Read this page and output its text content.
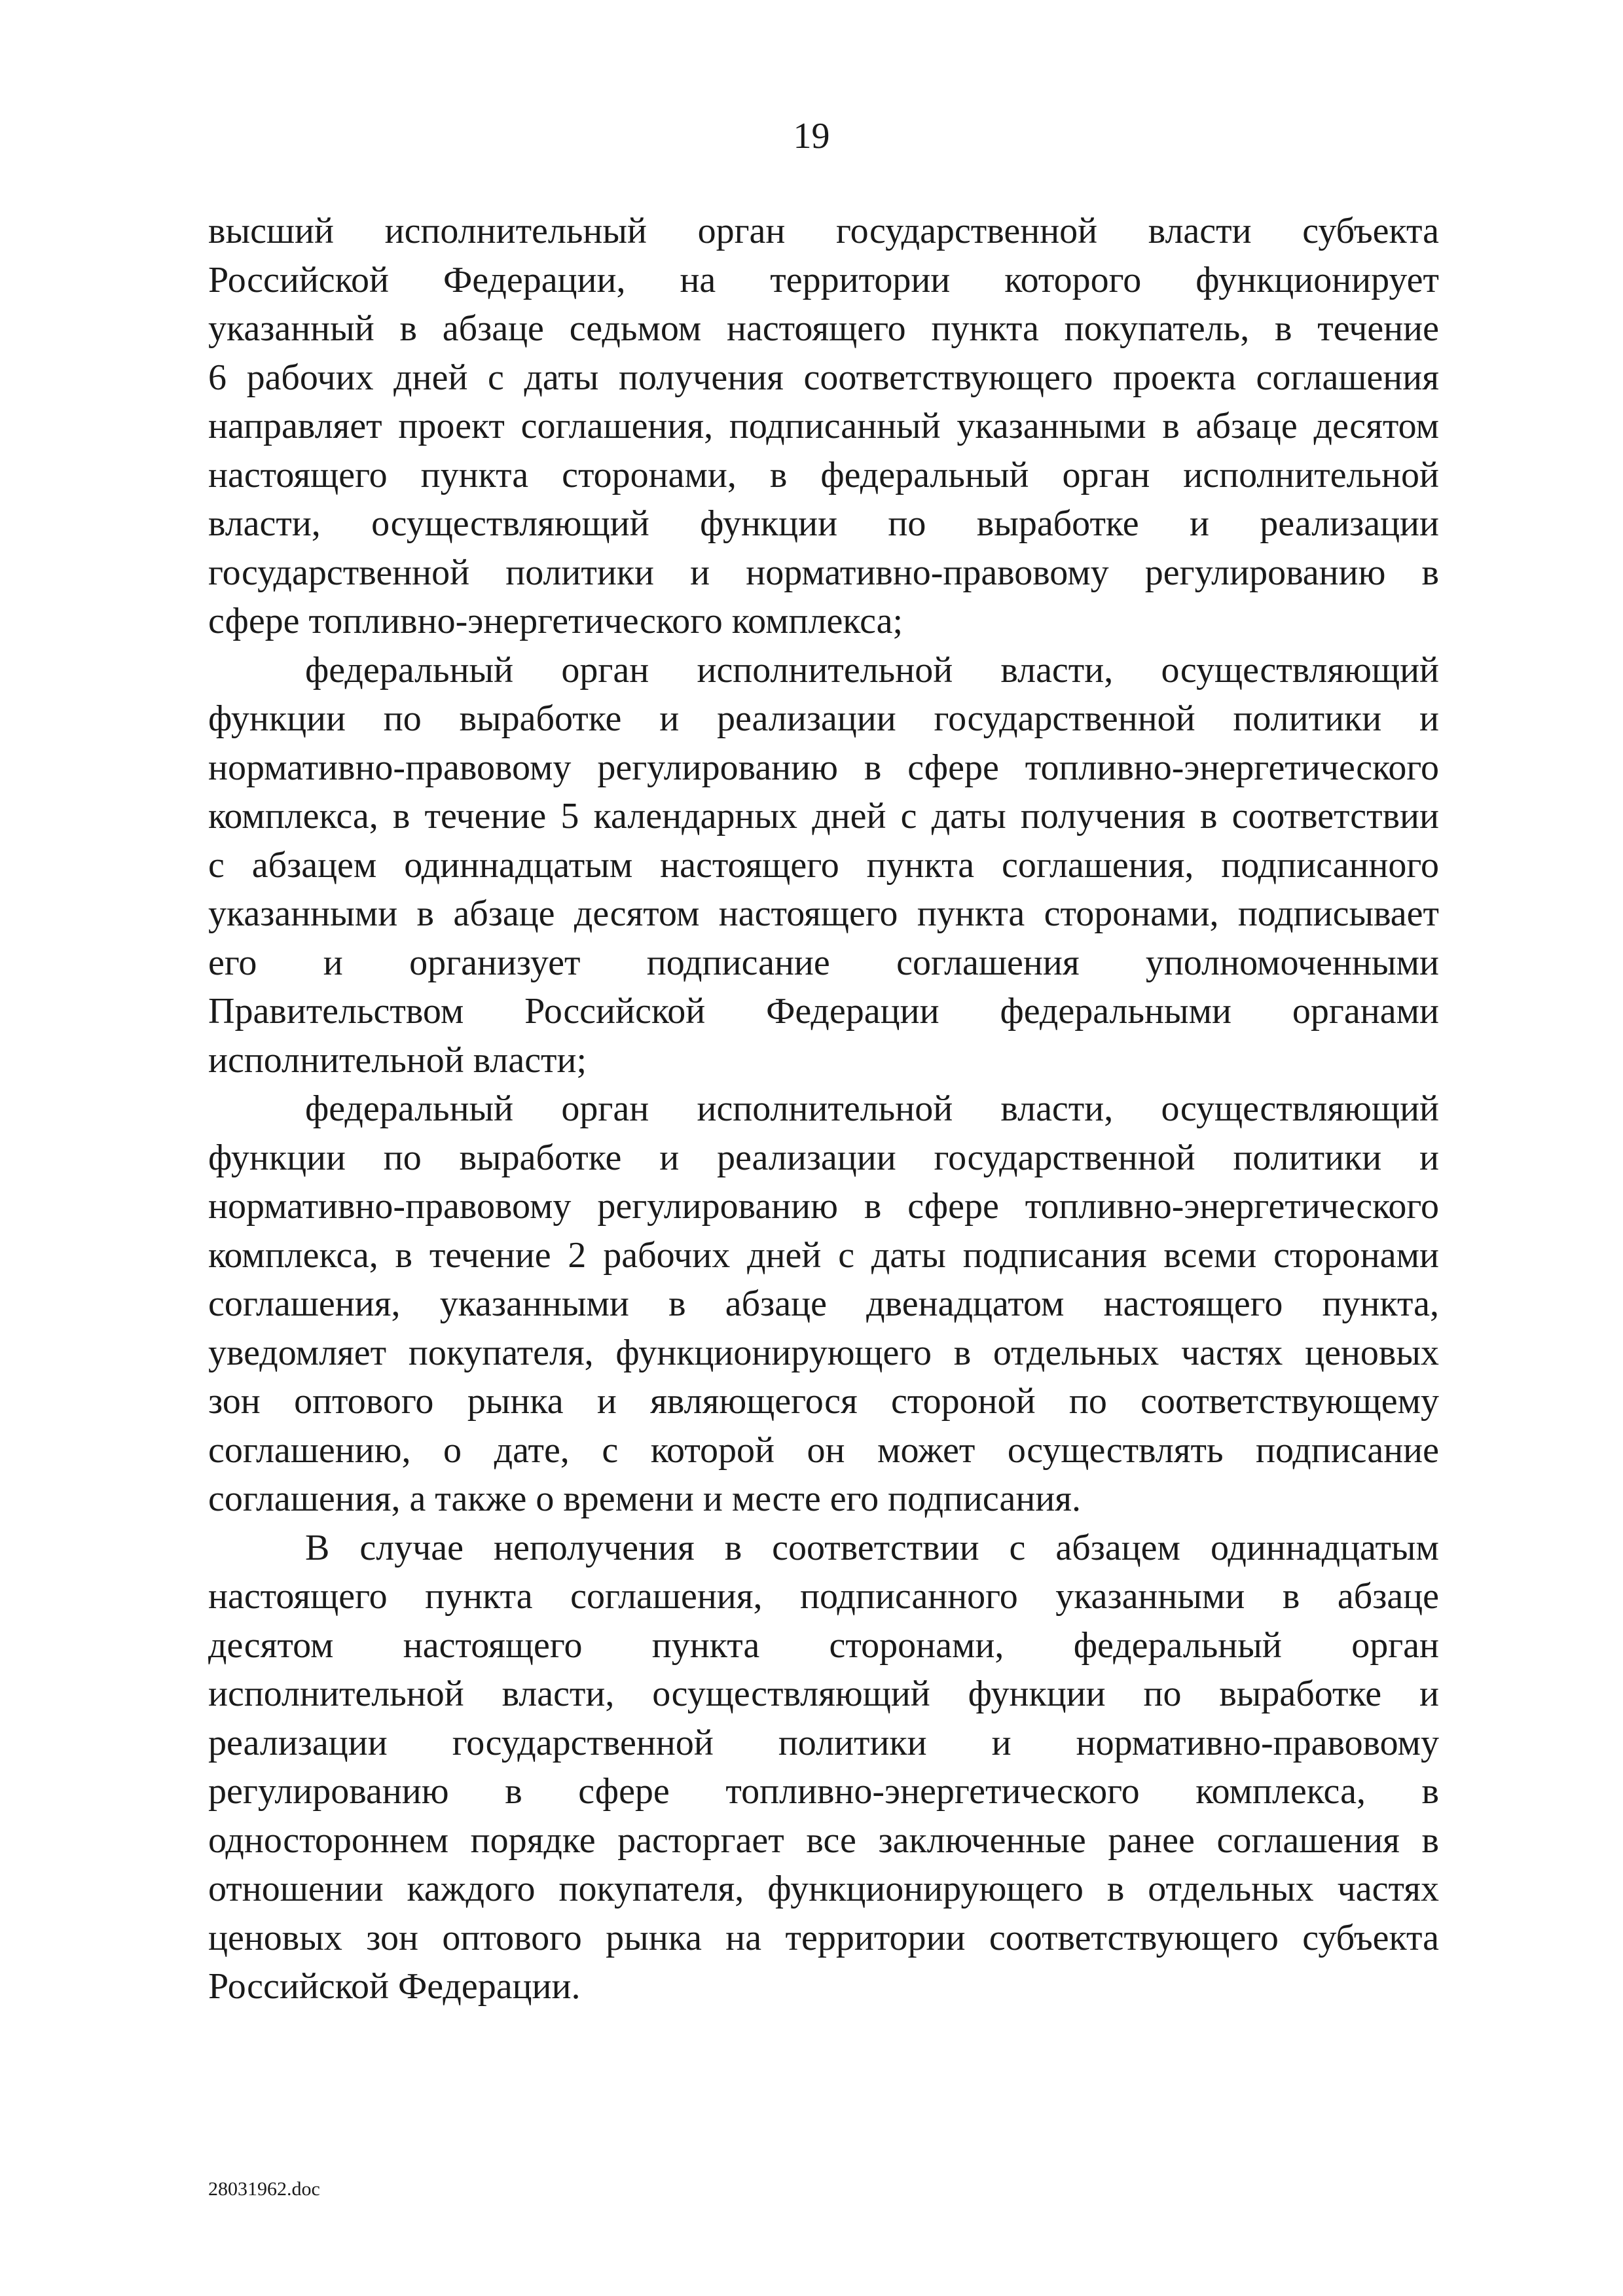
19
высший исполнительный орган государственной власти субъекта
Российской Федерации, на территории которого функционирует
указанный в абзаце седьмом настоящего пункта покупатель, в течение
6 рабочих дней с даты получения соответствующего проекта соглашения
направляет проект соглашения, подписанный указанными в абзаце десятом
настоящего пункта сторонами, в федеральный орган исполнительной
власти, осуществляющий функции по выработке и реализации
государственной политики и нормативно-правовому регулированию в
сфере топливно-энергетического комплекса;
федеральный орган исполнительной власти, осуществляющий
функции по выработке и реализации государственной политики и
нормативно-правовому регулированию в сфере топливно-энергетического
комплекса, в течение 5 календарных дней с даты получения в соответствии
с абзацем одиннадцатым настоящего пункта соглашения, подписанного
указанными в абзаце десятом настоящего пункта сторонами, подписывает
его и организует подписание соглашения уполномоченными
Правительством Российской Федерации федеральными органами
исполнительной власти;
федеральный орган исполнительной власти, осуществляющий
функции по выработке и реализации государственной политики и
нормативно-правовому регулированию в сфере топливно-энергетического
комплекса, в течение 2 рабочих дней с даты подписания всеми сторонами
соглашения, указанными в абзаце двенадцатом настоящего пункта,
уведомляет покупателя, функционирующего в отдельных частях ценовых
зон оптового рынка и являющегося стороной по соответствующему
соглашению, о дате, с которой он может осуществлять подписание
соглашения, а также о времени и месте его подписания.
В случае неполучения в соответствии с абзацем одиннадцатым
настоящего пункта соглашения, подписанного указанными в абзаце
десятом настоящего пункта сторонами, федеральный орган
исполнительной власти, осуществляющий функции по выработке и
реализации государственной политики и нормативно-правовому
регулированию в сфере топливно-энергетического комплекса, в
одностороннем порядке расторгает все заключенные ранее соглашения в
отношении каждого покупателя, функционирующего в отдельных частях
ценовых зон оптового рынка на территории соответствующего субъекта
Российской Федерации.
28031962.doc
